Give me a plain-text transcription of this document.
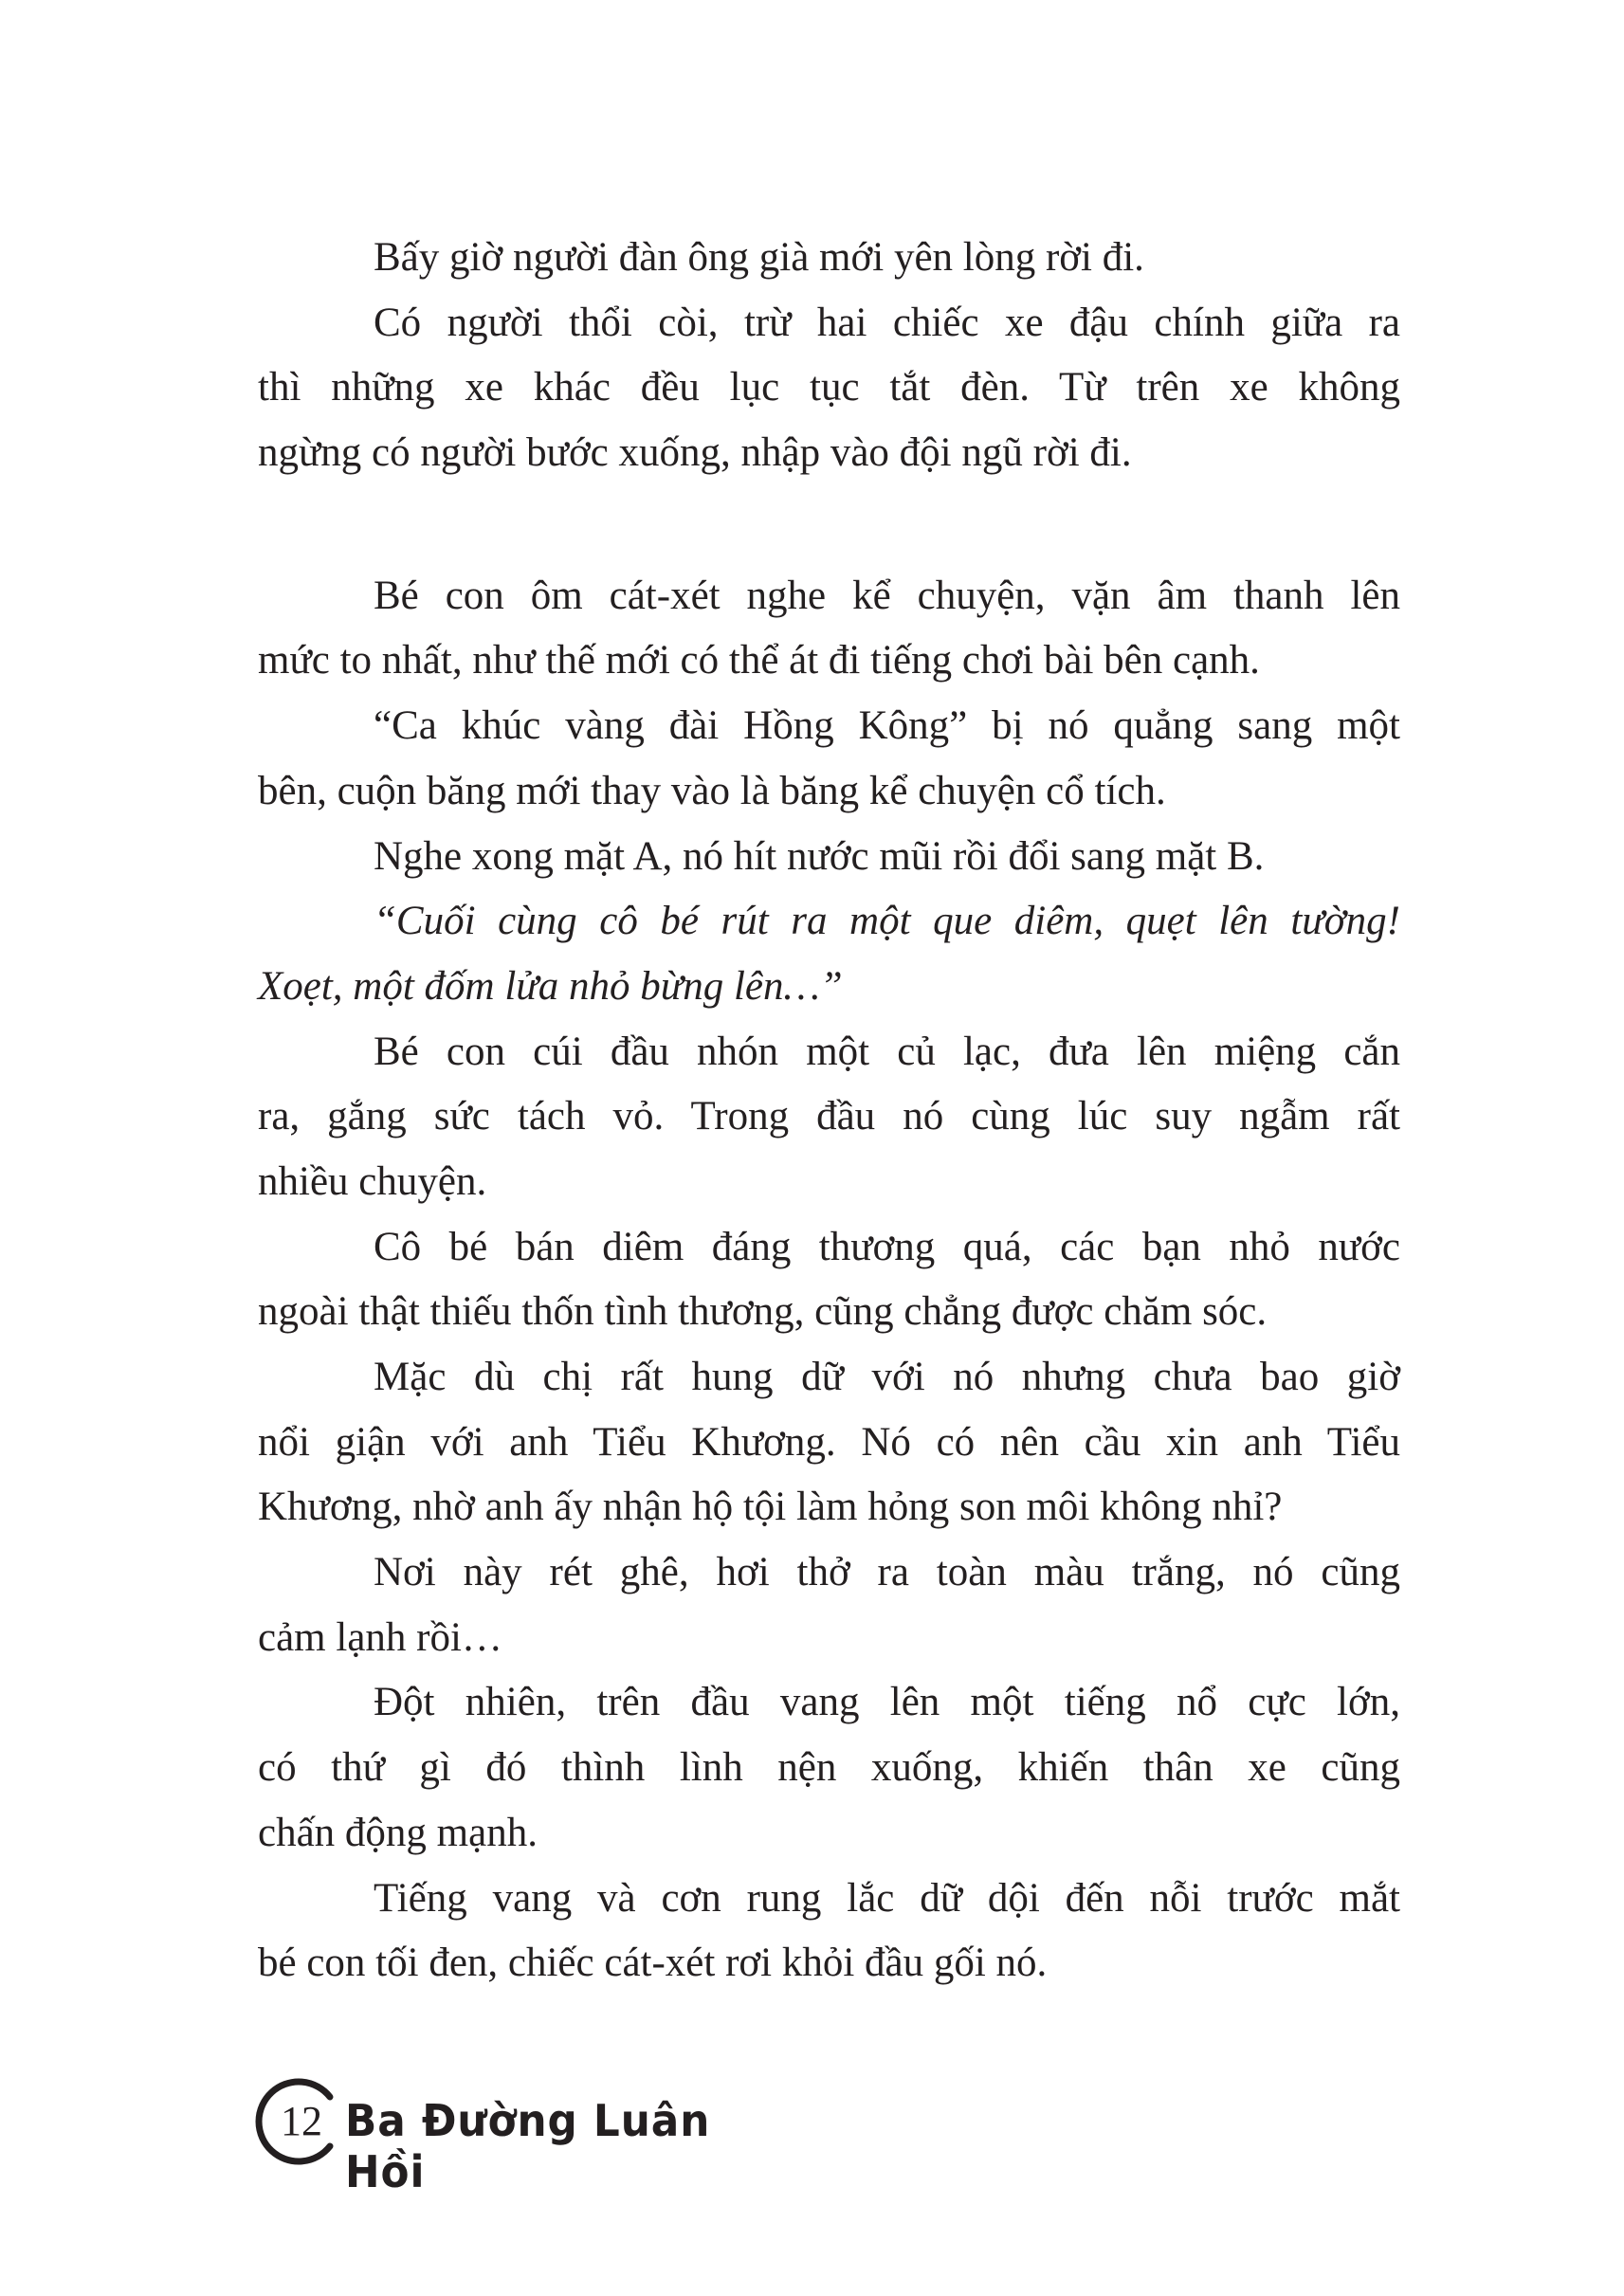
Bấy giờ người đàn ông già mới yên lòng rời đi.
Có người thổi còi, trừ hai chiếc xe đậu chính giữa ra
thì những xe khác đều lục tục tắt đèn. Từ trên xe không
ngừng có người bước xuống, nhập vào đội ngũ rời đi.
Bé con ôm cát-xét nghe kể chuyện, vặn âm thanh lên
mức to nhất, như thế mới có thể át đi tiếng chơi bài bên cạnh.
“Ca khúc vàng đài Hồng Kông” bị nó quẳng sang một
bên, cuộn băng mới thay vào là băng kể chuyện cổ tích.
Nghe xong mặt A, nó hít nước mũi rồi đổi sang mặt B.
“Cuối cùng cô bé rút ra một que diêm, quẹt lên tường!
Xoẹt, một đốm lửa nhỏ bừng lên…”
Bé con cúi đầu nhón một củ lạc, đưa lên miệng cắn
ra, gắng sức tách vỏ. Trong đầu nó cùng lúc suy ngẫm rất
nhiều chuyện.
Cô bé bán diêm đáng thương quá, các bạn nhỏ nước
ngoài thật thiếu thốn tình thương, cũng chẳng được chăm sóc.
Mặc dù chị rất hung dữ với nó nhưng chưa bao giờ
nổi giận với anh Tiểu Khương. Nó có nên cầu xin anh Tiểu
Khương, nhờ anh ấy nhận hộ tội làm hỏng son môi không nhỉ?
Nơi này rét ghê, hơi thở ra toàn màu trắng, nó cũng
cảm lạnh rồi…
Đột nhiên, trên đầu vang lên một tiếng nổ cực lớn,
có thứ gì đó thình lình nện xuống, khiến thân xe cũng
chấn động mạnh.
Tiếng vang và cơn rung lắc dữ dội đến nỗi trước mắt
bé con tối đen, chiếc cát-xét rơi khỏi đầu gối nó.
12 Ba Đường Luân Hồi
